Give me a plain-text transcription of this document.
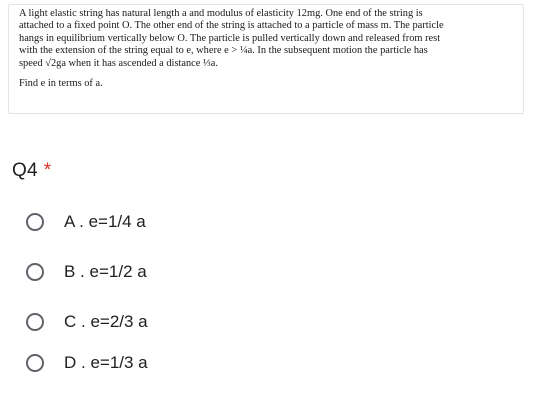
A light elastic string has natural length a and modulus of elasticity 12mg. One end of the string is
attached to a fixed point O. The other end of the string is attached to a particle of mass m. The particle
hangs in equilibrium vertically below O. The particle is pulled vertically down and released from rest
with the extension of the string equal to e, where e > ¼a. In the subsequent motion the particle has
speed √2ga when it has ascended a distance ⅓a.
Find e in terms of a.
Q4 *
A . e=1/4 a
B . e=1/2 a
C . e=2/3 a
D . e=1/3 a
